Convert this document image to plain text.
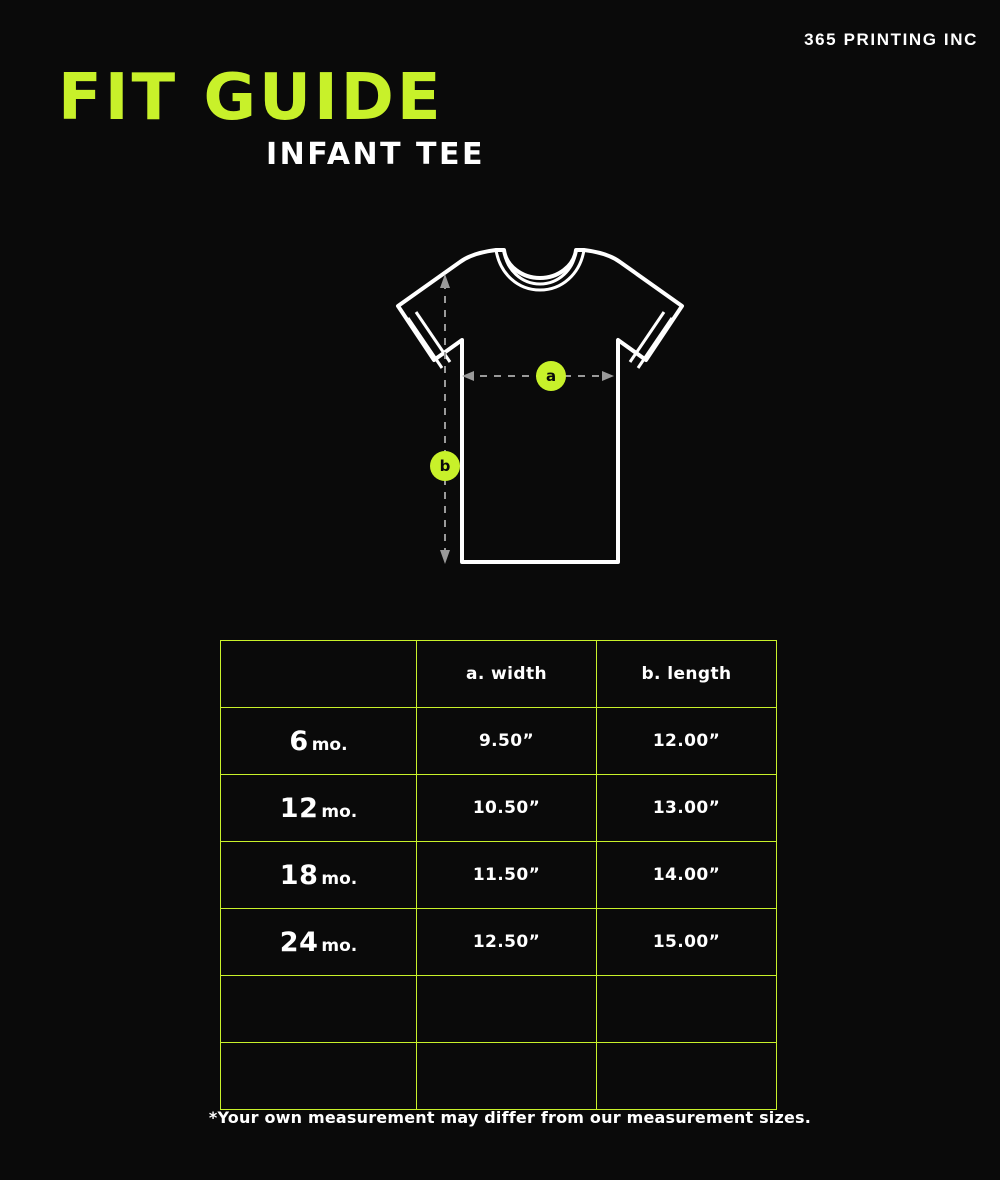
365 PRINTING INC
FIT GUIDE
INFANT TEE
a
b
	a. width	b. length
6 mo.	9.50”	12.00”
12 mo.	10.50”	13.00”
18 mo.	11.50”	14.00”
24 mo.	12.50”	15.00”

*Your own measurement may differ from our measurement sizes.
